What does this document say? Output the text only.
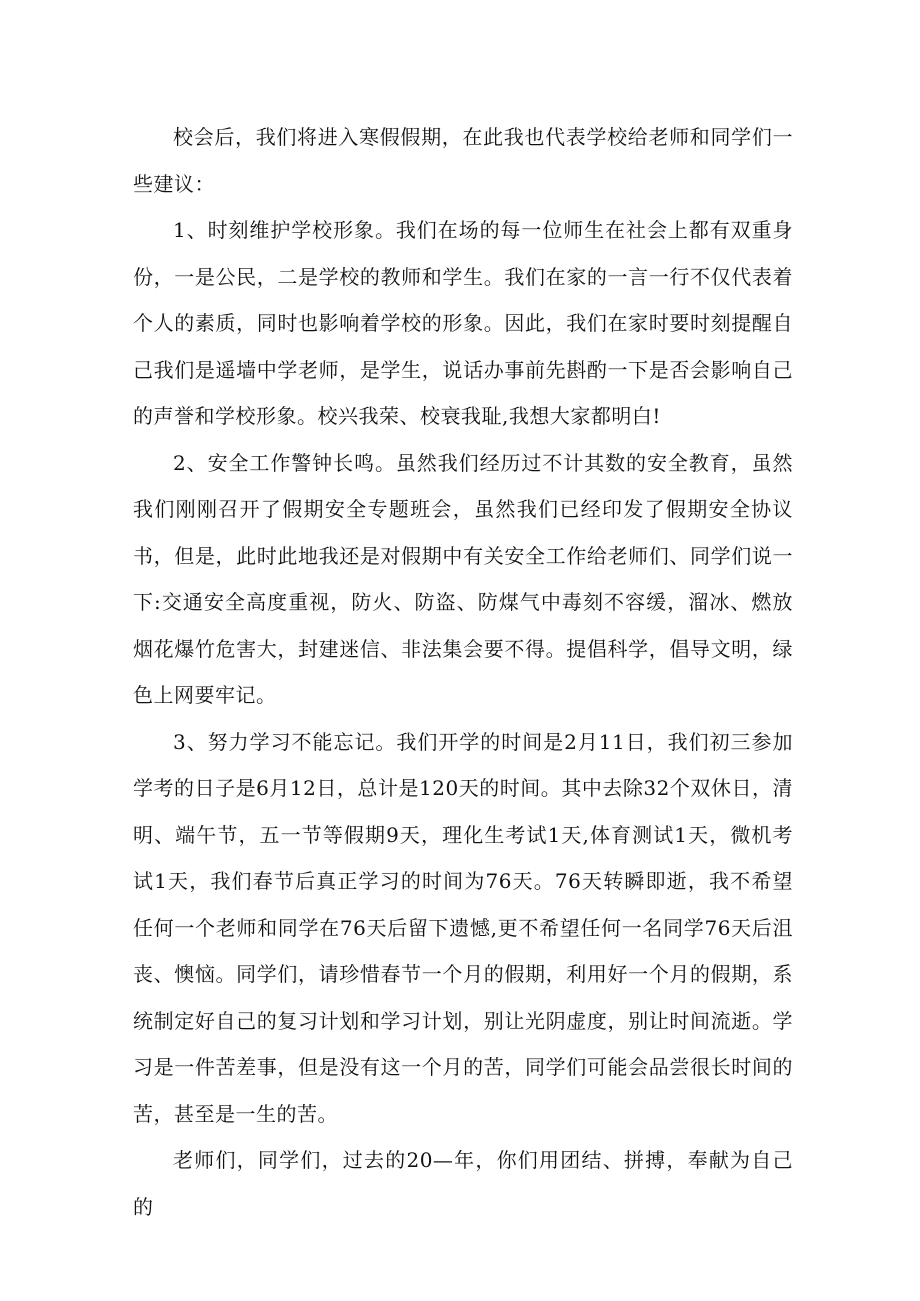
校会后，我们将进入寒假假期，在此我也代表学校给老师和同学们一些建议：

1、时刻维护学校形象。我们在场的每一位师生在社会上都有双重身份，一是公民，二是学校的教师和学生。我们在家的一言一行不仅代表着个人的素质，同时也影响着学校的形象。因此，我们在家时要时刻提醒自己我们是遥墙中学老师，是学生，说话办事前先斟酌一下是否会影响自己的声誉和学校形象。校兴我荣、校衰我耻,我想大家都明白!

2、安全工作警钟长鸣。虽然我们经历过不计其数的安全教育，虽然我们刚刚召开了假期安全专题班会，虽然我们已经印发了假期安全协议书，但是，此时此地我还是对假期中有关安全工作给老师们、同学们说一下:交通安全高度重视，防火、防盗、防煤气中毒刻不容缓，溜冰、燃放烟花爆竹危害大，封建迷信、非法集会要不得。提倡科学，倡导文明，绿色上网要牢记。

3、努力学习不能忘记。我们开学的时间是2月11日，我们初三参加学考的日子是6月12日，总计是120天的时间。其中去除32个双休日，清明、端午节，五一节等假期9天，理化生考试1天,体育测试1天，微机考试1天，我们春节后真正学习的时间为76天。76天转瞬即逝，我不希望任何一个老师和同学在76天后留下遗憾,更不希望任何一名同学76天后沮丧、懊恼。同学们，请珍惜春节一个月的假期，利用好一个月的假期，系统制定好自己的复习计划和学习计划，别让光阴虚度，别让时间流逝。学习是一件苦差事，但是没有这一个月的苦，同学们可能会品尝很长时间的苦，甚至是一生的苦。

老师们，同学们，过去的20—年，你们用团结、拼搏，奉献为自己的
